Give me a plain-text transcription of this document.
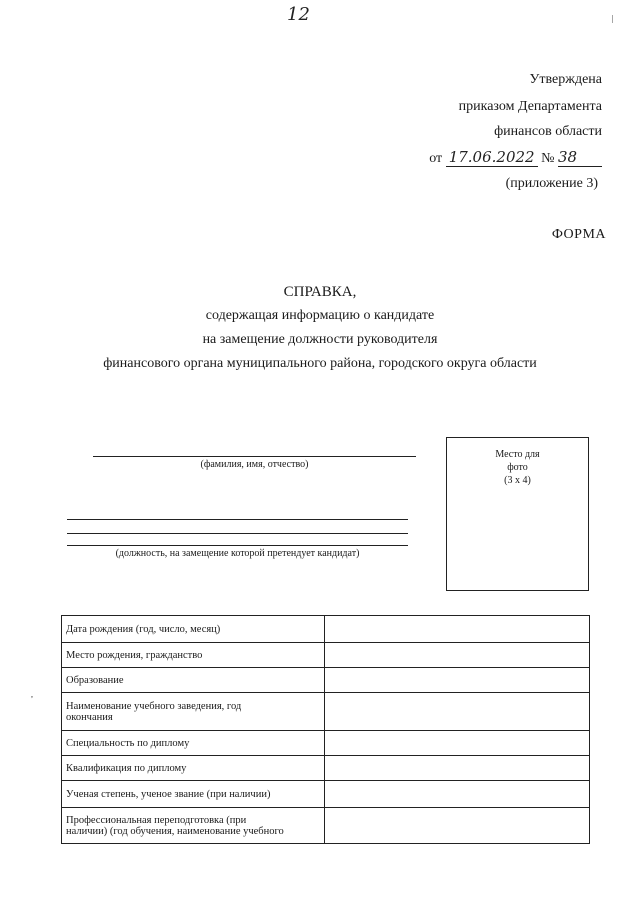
12	|
Утверждена
приказом Департамента
финансов области
от 17.06.2022 № 38
(приложение 3)
ФОРМА
СПРАВКА,
содержащая информацию о кандидате
на замещение должности руководителя
финансового органа муниципального района, городского округа области
(фамилия, имя, отчество)
(должность, на замещение которой претендует кандидат)
Место для
фото
(3 x 4)
,
Дата рождения (год, число, месяц)	
Место рождения, гражданство	
Образование	

Наименование учебного заведения, год
окончания	

Специальность по диплому	
Квалификация по диплому	
Ученая степень, ученое звание (при наличии)	

Профессиональная переподготовка (при
наличии) (год обучения, наименование учебного	
